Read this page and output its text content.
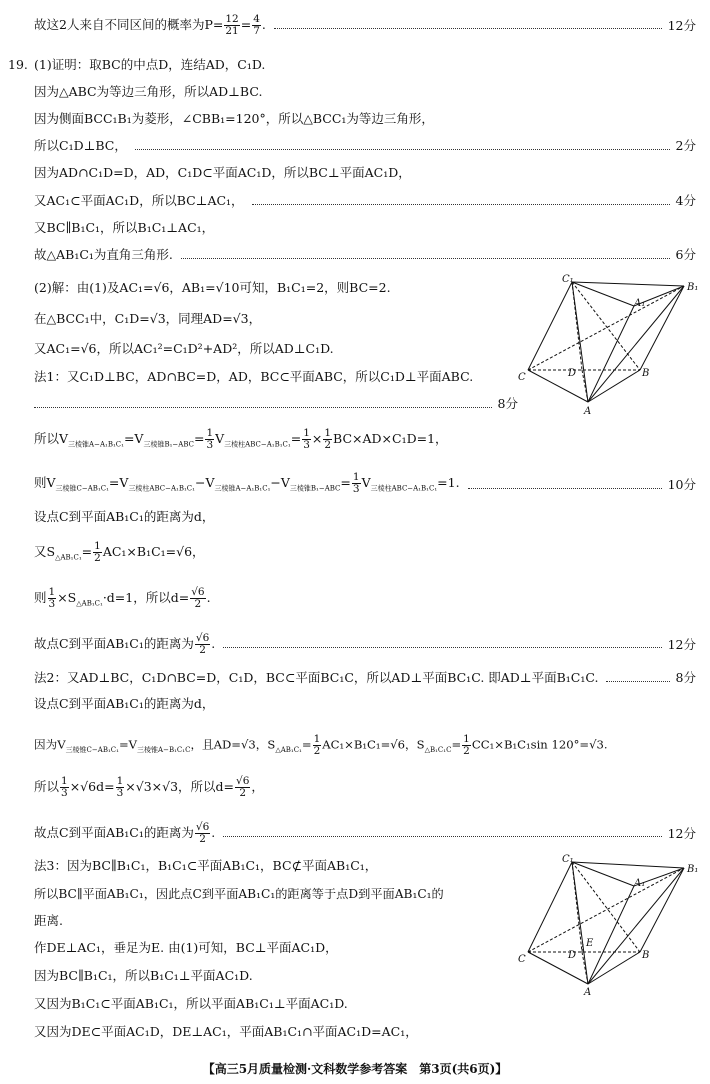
故这2人来自不同区间的概率为$P= \frac{12}{21} = \frac{4}{7}$ .	12分
19. (1)证明：取BC的中点D，连结AD，C₁D.
因为△ABC为等边三角形，所以AD⊥BC.
因为侧面BCC₁B₁为菱形，∠CBB₁=120°，所以△BCC₁为等边三角形，
所以C₁D⊥BC，	2分
因为AD∩C₁D=D，AD，C₁D⊂平面AC₁D，所以BC⊥平面AC₁D，
又AC₁⊂平面AC₁D，所以BC⊥AC₁，	4分
又BC∥B₁C₁，所以B₁C₁⊥AC₁，
故△AB₁C₁为直角三角形.	6分
(2)解：由(1)及AC₁=√6，AB₁=√10可知，B₁C₁=2，则BC=2.
在△BCC₁中，C₁D=√3，同理AD=√3，
又AC₁=√6，所以AC₁²=C₁D²+AD²，所以AD⊥C₁D.
法1：又C₁D⊥BC，AD∩BC=D，AD，BC⊂平面ABC，所以C₁D⊥平面ABC.
8分
C₁
B₁
A₁
C	D	B
A
所以$V_{三棱锥A-A_1B_1C_1}=V_{三棱锥B_1-ABC}= \frac{1}{3} V_{三棱柱ABC-A_1B_1C_1}= \frac{1}{3} \times \frac{1}{2} BC\times AD\times C_1D=1$，
则$V_{三棱锥C-AB_1C_1}=V_{三棱柱ABC-A_1B_1C_1}-V_{三棱锥A-A_1B_1C_1}-V_{三棱锥B_1-ABC}= \frac{1}{3} V_{三棱柱ABC-A_1B_1C_1}=1$.	10分
设点C到平面AB₁C₁的距离为d，
又$S_{\triangle AB_1C_1}= \frac{1}{2} AC_1\times B_1C_1=√6$，
则 $\frac{1}{3} \times S_{\triangle AB_1C_1}\cdot d=1$，所以$d= \frac{√6}{2}$ .
故点C到平面AB₁C₁的距离为 $\frac{√6}{2}$ .	12分
法2：又AD⊥BC，C₁D∩BC=D，C₁D，BC⊂平面BC₁C，所以AD⊥平面BC₁C. 即AD⊥平面B₁C₁C.	8分
设点C到平面AB₁C₁的距离为d，
因为$V_{三棱锥C-AB_1C_1}=V_{三棱锥A-B_1C_1C}$，且AD=√3，$S_{\triangle AB_1C_1}= \frac{1}{2} AC_1\times B_1C_1=√6$，$S_{\triangle B_1C_1C}= \frac{1}{2} CC_1\times B_1C_1\sin$ 120°=√3.
所以 $\frac{1}{3} \times√6d= \frac{1}{3} \times√3\times√3$，所以$d= \frac{√6}{2}$ ，
故点C到平面AB₁C₁的距离为 $\frac{√6}{2}$ .	12分
法3：因为BC∥B₁C₁，B₁C₁⊂平面AB₁C₁，BC⊄平面AB₁C₁，
所以BC∥平面AB₁C₁，因此点C到平面AB₁C₁的距离等于点D到平面AB₁C₁的
距离.
作DE⊥AC₁，垂足为E. 由(1)可知，BC⊥平面AC₁D，
因为BC∥B₁C₁，所以B₁C₁⊥平面AC₁D.
又因为B₁C₁⊂平面AB₁C₁，所以平面AB₁C₁⊥平面AC₁D.
又因为DE⊂平面AC₁D，DE⊥AC₁，平面AB₁C₁∩平面AC₁D=AC₁，
C₁
B₁
A₁
E
C	D	B
A
【高三5月质量检测·文科数学参考答案　第3页(共6页)】
